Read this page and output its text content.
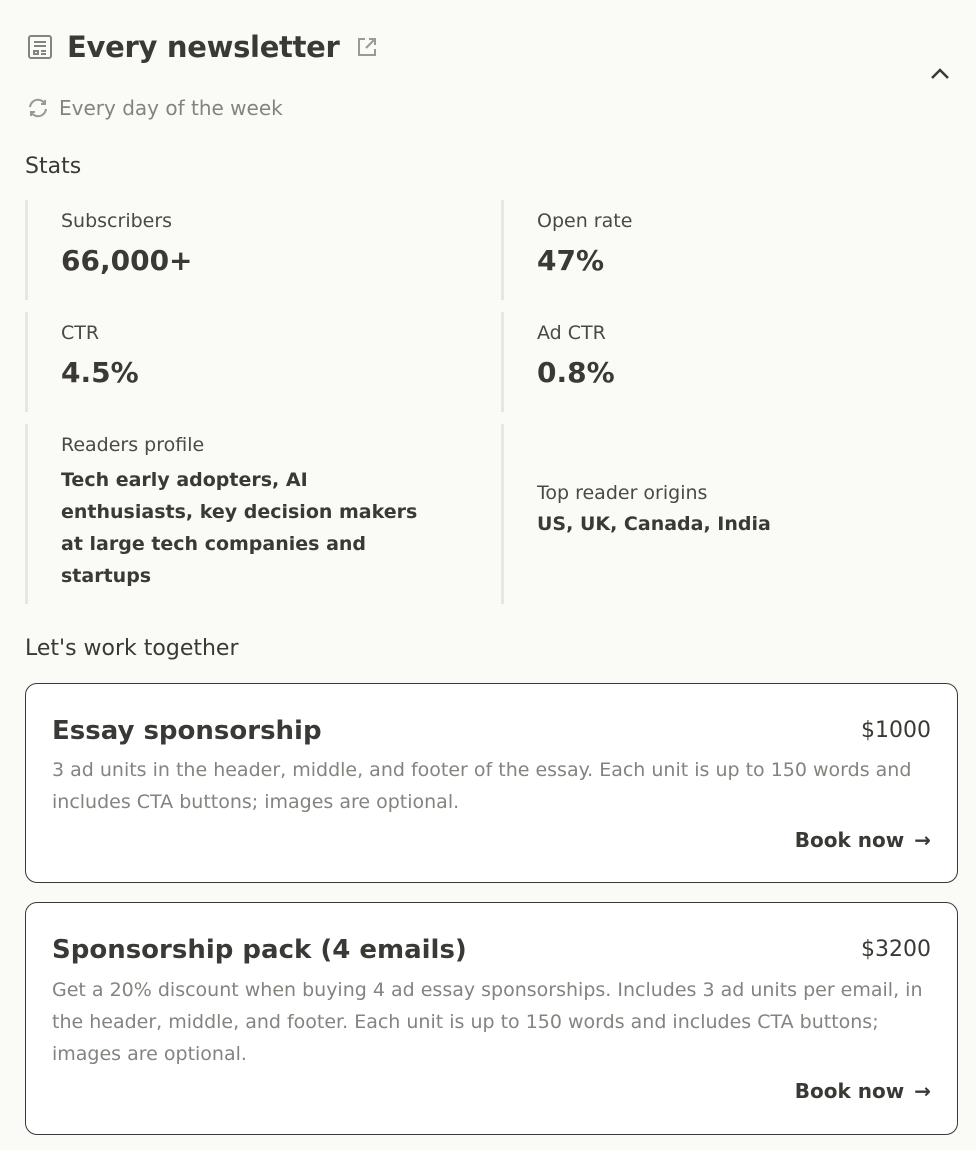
Every newsletter
Every day of the week
Stats
Subscribers
66,000+
Open rate
47%
CTR
4.5%
Ad CTR
0.8%
Readers profile
Tech early adopters, AI enthusiasts, key decision makers at large tech companies and startups
Top reader origins
US, UK, Canada, India
Let's work together
Essay sponsorship	$1000
3 ad units in the header, middle, and footer of the essay. Each unit is up to 150 words and includes CTA buttons; images are optional.
Book now →
Sponsorship pack (4 emails)	$3200
Get a 20% discount when buying 4 ad essay sponsorships. Includes 3 ad units per email, in the header, middle, and footer. Each unit is up to 150 words and includes CTA buttons; images are optional.
Book now →
